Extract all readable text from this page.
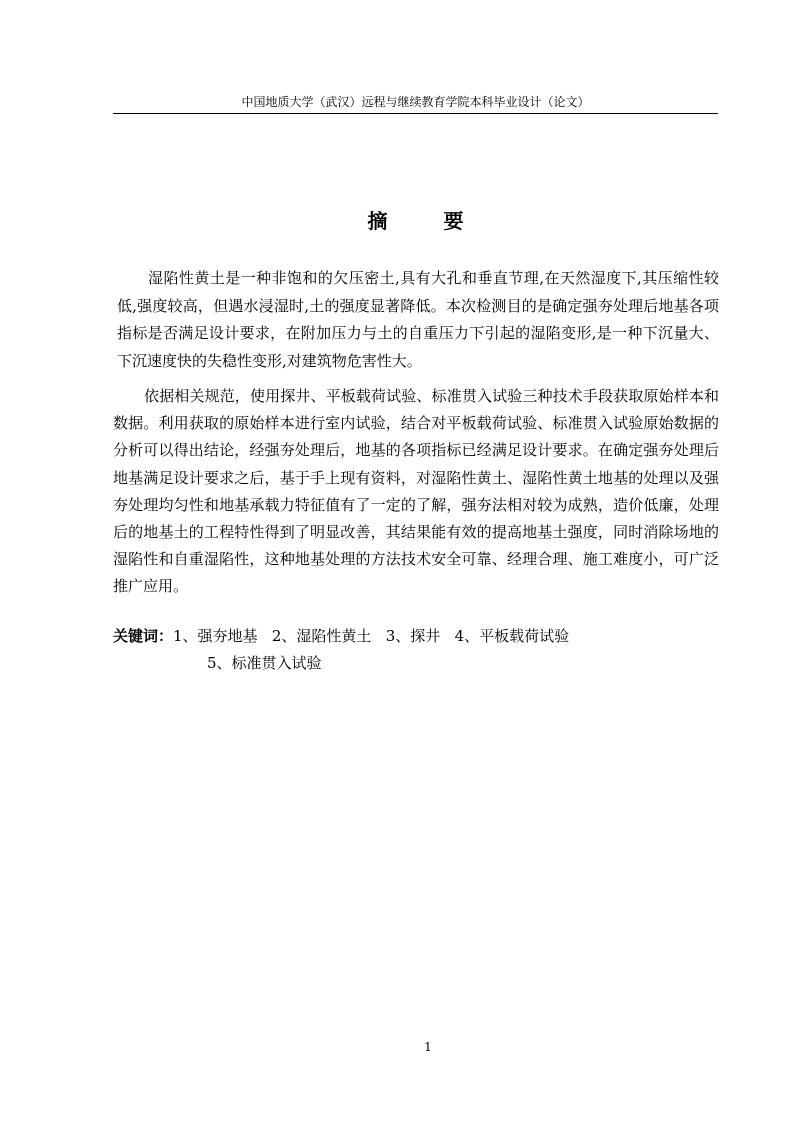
中国地质大学（武汉）远程与继续教育学院本科毕业设计（论文）
摘要

湿陷性黄土是一种非饱和的欠压密土,具有大孔和垂直节理,在天然湿度下,其压缩性较低,强度较高，但遇水浸湿时,土的强度显著降低。本次检测目的是确定强夯处理后地基各项指标是否满足设计要求，在附加压力与土的自重压力下引起的湿陷变形,是一种下沉量大、下沉速度快的失稳性变形,对建筑物危害性大。

依据相关规范，使用探井、平板载荷试验、标准贯入试验三种技术手段获取原始样本和数据。利用获取的原始样本进行室内试验，结合对平板载荷试验、标准贯入试验原始数据的分析可以得出结论，经强夯处理后，地基的各项指标已经满足设计要求。在确定强夯处理后地基满足设计要求之后，基于手上现有资料，对湿陷性黄土、湿陷性黄土地基的处理以及强夯处理均匀性和地基承载力特征值有了一定的了解，强夯法相对较为成熟，造价低廉，处理后的地基土的工程特性得到了明显改善，其结果能有效的提高地基土强度，同时消除场地的湿陷性和自重湿陷性，这种地基处理的方法技术安全可靠、经理合理、施工难度小，可广泛推广应用。

关键词：1、强夯地基 2、湿陷性黄土 3、探井 4、平板载荷试验
5、标准贯入试验
1
